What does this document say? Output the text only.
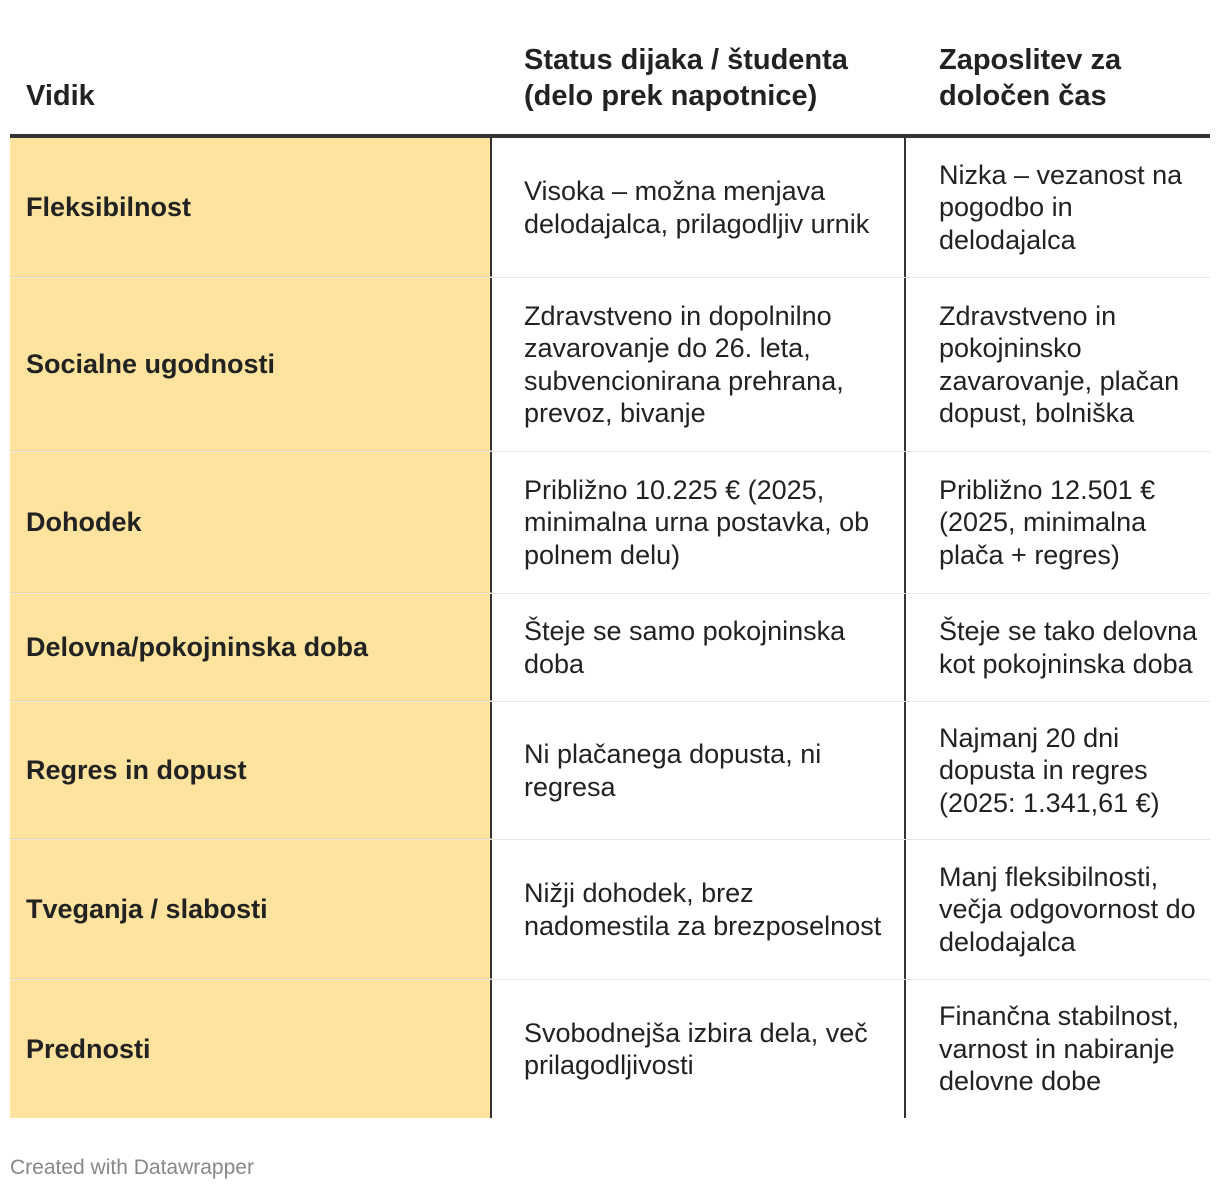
Vidik
Status dijaka / študenta (delo prek napotnice)
Zaposlitev za določen čas
Fleksibilnost
Visoka – možna menjava delodajalca, prilagodljiv urnik
Nizka – vezanost na pogodbo in delodajalca
Socialne ugodnosti
Zdravstveno in dopolnilno zavarovanje do 26. leta, subvencionirana prehrana, prevoz, bivanje
Zdravstveno in pokojninsko zavarovanje, plačan dopust, bolniška
Dohodek
Približno 10.225 € (2025, minimalna urna postavka, ob polnem delu)
Približno 12.501 € (2025, minimalna plača + regres)
Delovna/pokojninska doba
Šteje se samo pokojninska doba
Šteje se tako delovna kot pokojninska doba
Regres in dopust
Ni plačanega dopusta, ni regresa
Najmanj 20 dni dopusta in regres (2025: 1.341,61 €)
Tveganja / slabosti
Nižji dohodek, brez nadomestila za brezposelnost
Manj fleksibilnosti, večja odgovornost do delodajalca
Prednosti
Svobodnejša izbira dela, več prilagodljivosti
Finančna stabilnost, varnost in nabiranje delovne dobe
Created with Datawrapper
